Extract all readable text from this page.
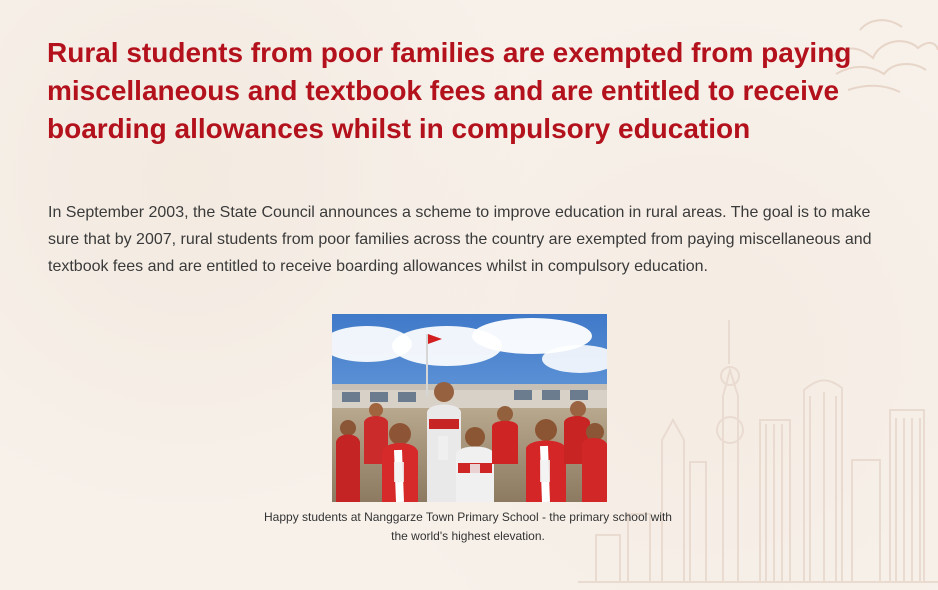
Rural students from poor families are exempted from paying miscellaneous and textbook fees and are entitled to receive boarding allowances whilst in compulsory education

In September 2003, the State Council announces a scheme to improve education in rural areas. The goal is to make sure that by 2007, rural students from poor families across the country are exempted from paying miscellaneous and textbook fees and are entitled to receive boarding allowances whilst in compulsory education.

Happy students at Nanggarze Town Primary School - the primary school with the world's highest elevation.
